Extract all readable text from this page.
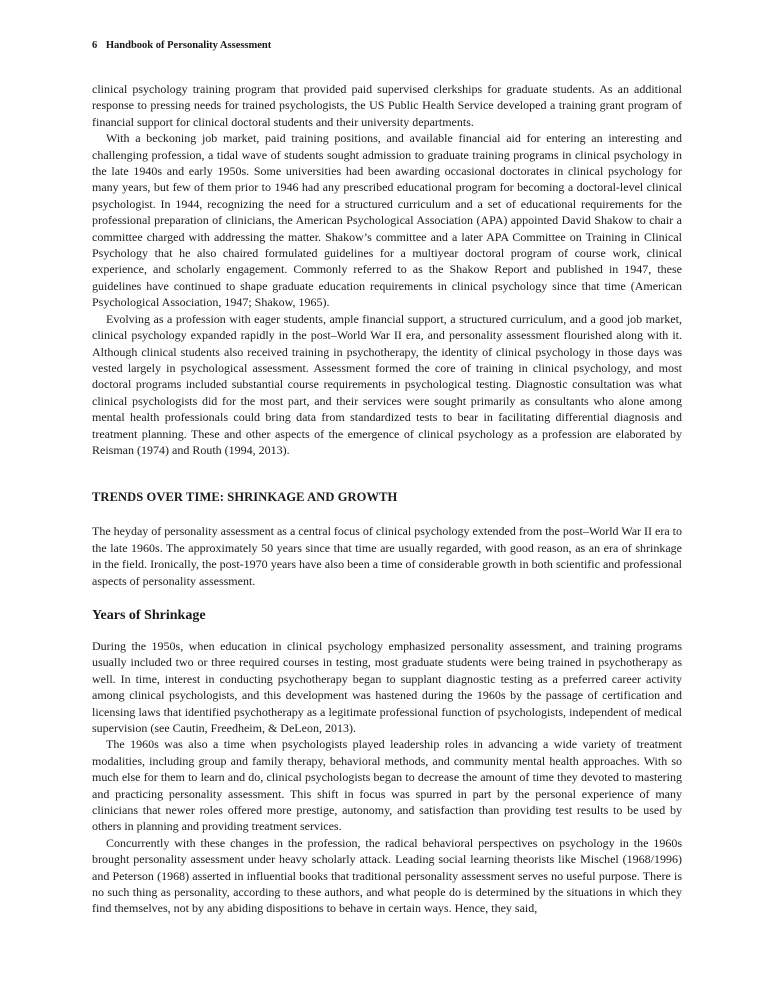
6 Handbook of Personality Assessment

clinical psychology training program that provided paid supervised clerkships for graduate students. As an additional response to pressing needs for trained psychologists, the US Public Health Service developed a training grant program of financial support for clinical doctoral students and their university departments.

With a beckoning job market, paid training positions, and available financial aid for entering an interesting and challenging profession, a tidal wave of students sought admission to graduate training programs in clinical psychology in the late 1940s and early 1950s. Some universities had been awarding occasional doctorates in clinical psychology for many years, but few of them prior to 1946 had any prescribed educational program for becoming a doctoral-level clinical psychologist. In 1944, recognizing the need for a structured curriculum and a set of educational requirements for the professional preparation of clinicians, the American Psychological Association (APA) appointed David Shakow to chair a committee charged with addressing the matter. Shakow’s committee and a later APA Committee on Training in Clinical Psychology that he also chaired formulated guidelines for a multiyear doctoral program of course work, clinical experience, and scholarly engagement. Commonly referred to as the Shakow Report and published in 1947, these guidelines have continued to shape graduate education requirements in clinical psychology since that time (American Psychological Association, 1947; Shakow, 1965).

Evolving as a profession with eager students, ample financial support, a structured curriculum, and a good job market, clinical psychology expanded rapidly in the post–World War II era, and personality assessment flourished along with it. Although clinical students also received training in psychotherapy, the identity of clinical psychology in those days was vested largely in psychological assessment. Assessment formed the core of training in clinical psychology, and most doctoral programs included substantial course requirements in psychological testing. Diagnostic consultation was what clinical psychologists did for the most part, and their services were sought primarily as consultants who alone among mental health professionals could bring data from standardized tests to bear in facilitating differential diagnosis and treatment planning. These and other aspects of the emergence of clinical psychology as a profession are elaborated by Reisman (1974) and Routh (1994, 2013).

TRENDS OVER TIME: SHRINKAGE AND GROWTH

The heyday of personality assessment as a central focus of clinical psychology extended from the post–World War II era to the late 1960s. The approximately 50 years since that time are usually regarded, with good reason, as an era of shrinkage in the field. Ironically, the post-1970 years have also been a time of considerable growth in both scientific and professional aspects of personality assessment.

Years of Shrinkage

During the 1950s, when education in clinical psychology emphasized personality assessment, and training programs usually included two or three required courses in testing, most graduate students were being trained in psychotherapy as well. In time, interest in conducting psychotherapy began to supplant diagnostic testing as a preferred career activity among clinical psychologists, and this development was hastened during the 1960s by the passage of certification and licensing laws that identified psychotherapy as a legitimate professional function of psychologists, independent of medical supervision (see Cautin, Freedheim, & DeLeon, 2013).

The 1960s was also a time when psychologists played leadership roles in advancing a wide variety of treatment modalities, including group and family therapy, behavioral methods, and community mental health approaches. With so much else for them to learn and do, clinical psychologists began to decrease the amount of time they devoted to mastering and practicing personality assessment. This shift in focus was spurred in part by the personal experience of many clinicians that newer roles offered more prestige, autonomy, and satisfaction than providing test results to be used by others in planning and providing treatment services.

Concurrently with these changes in the profession, the radical behavioral perspectives on psychology in the 1960s brought personality assessment under heavy scholarly attack. Leading social learning theorists like Mischel (1968/1996) and Peterson (1968) asserted in influential books that traditional personality assessment serves no useful purpose. There is no such thing as personality, according to these authors, and what people do is determined by the situations in which they find themselves, not by any abiding dispositions to behave in certain ways. Hence, they said,
